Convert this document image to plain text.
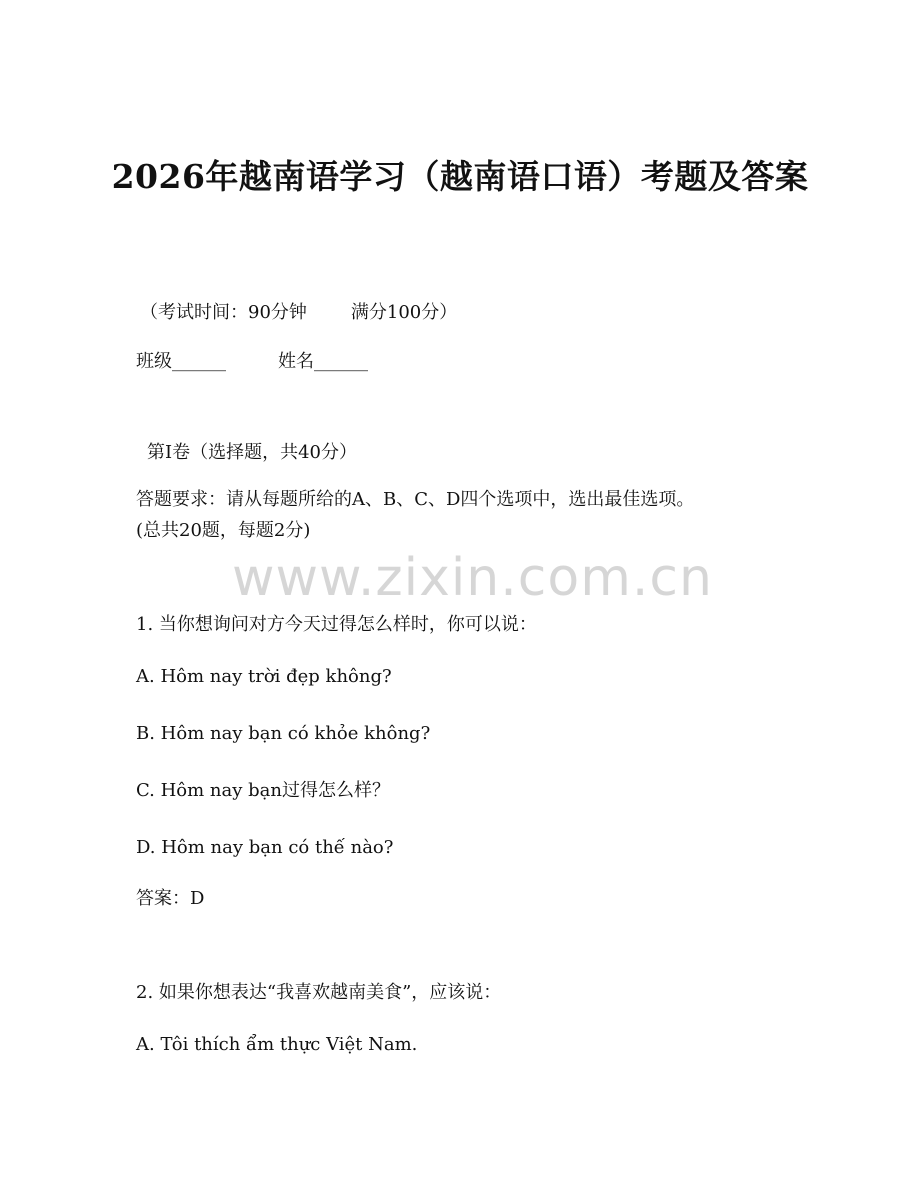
2026年越南语学习（越南语口语）考题及答案
（考试时间：90分钟 满分100分）
班级______	姓名______
第Ⅰ卷（选择题，共40分）
答题要求：请从每题所给的A、B、C、D四个选项中，选出最佳选项。
(总共20题，每题2分)
www.zixin.com.cn
1. 当你想询问对方今天过得怎么样时，你可以说：
A. Hôm nay trời đẹp không?
B. Hôm nay bạn có khỏe không?
C. Hôm nay bạn过得怎么样？
D. Hôm nay bạn có thế nào?
答案：D
2. 如果你想表达“我喜欢越南美食”，应该说：
A. Tôi thích ẩm thực Việt Nam.
